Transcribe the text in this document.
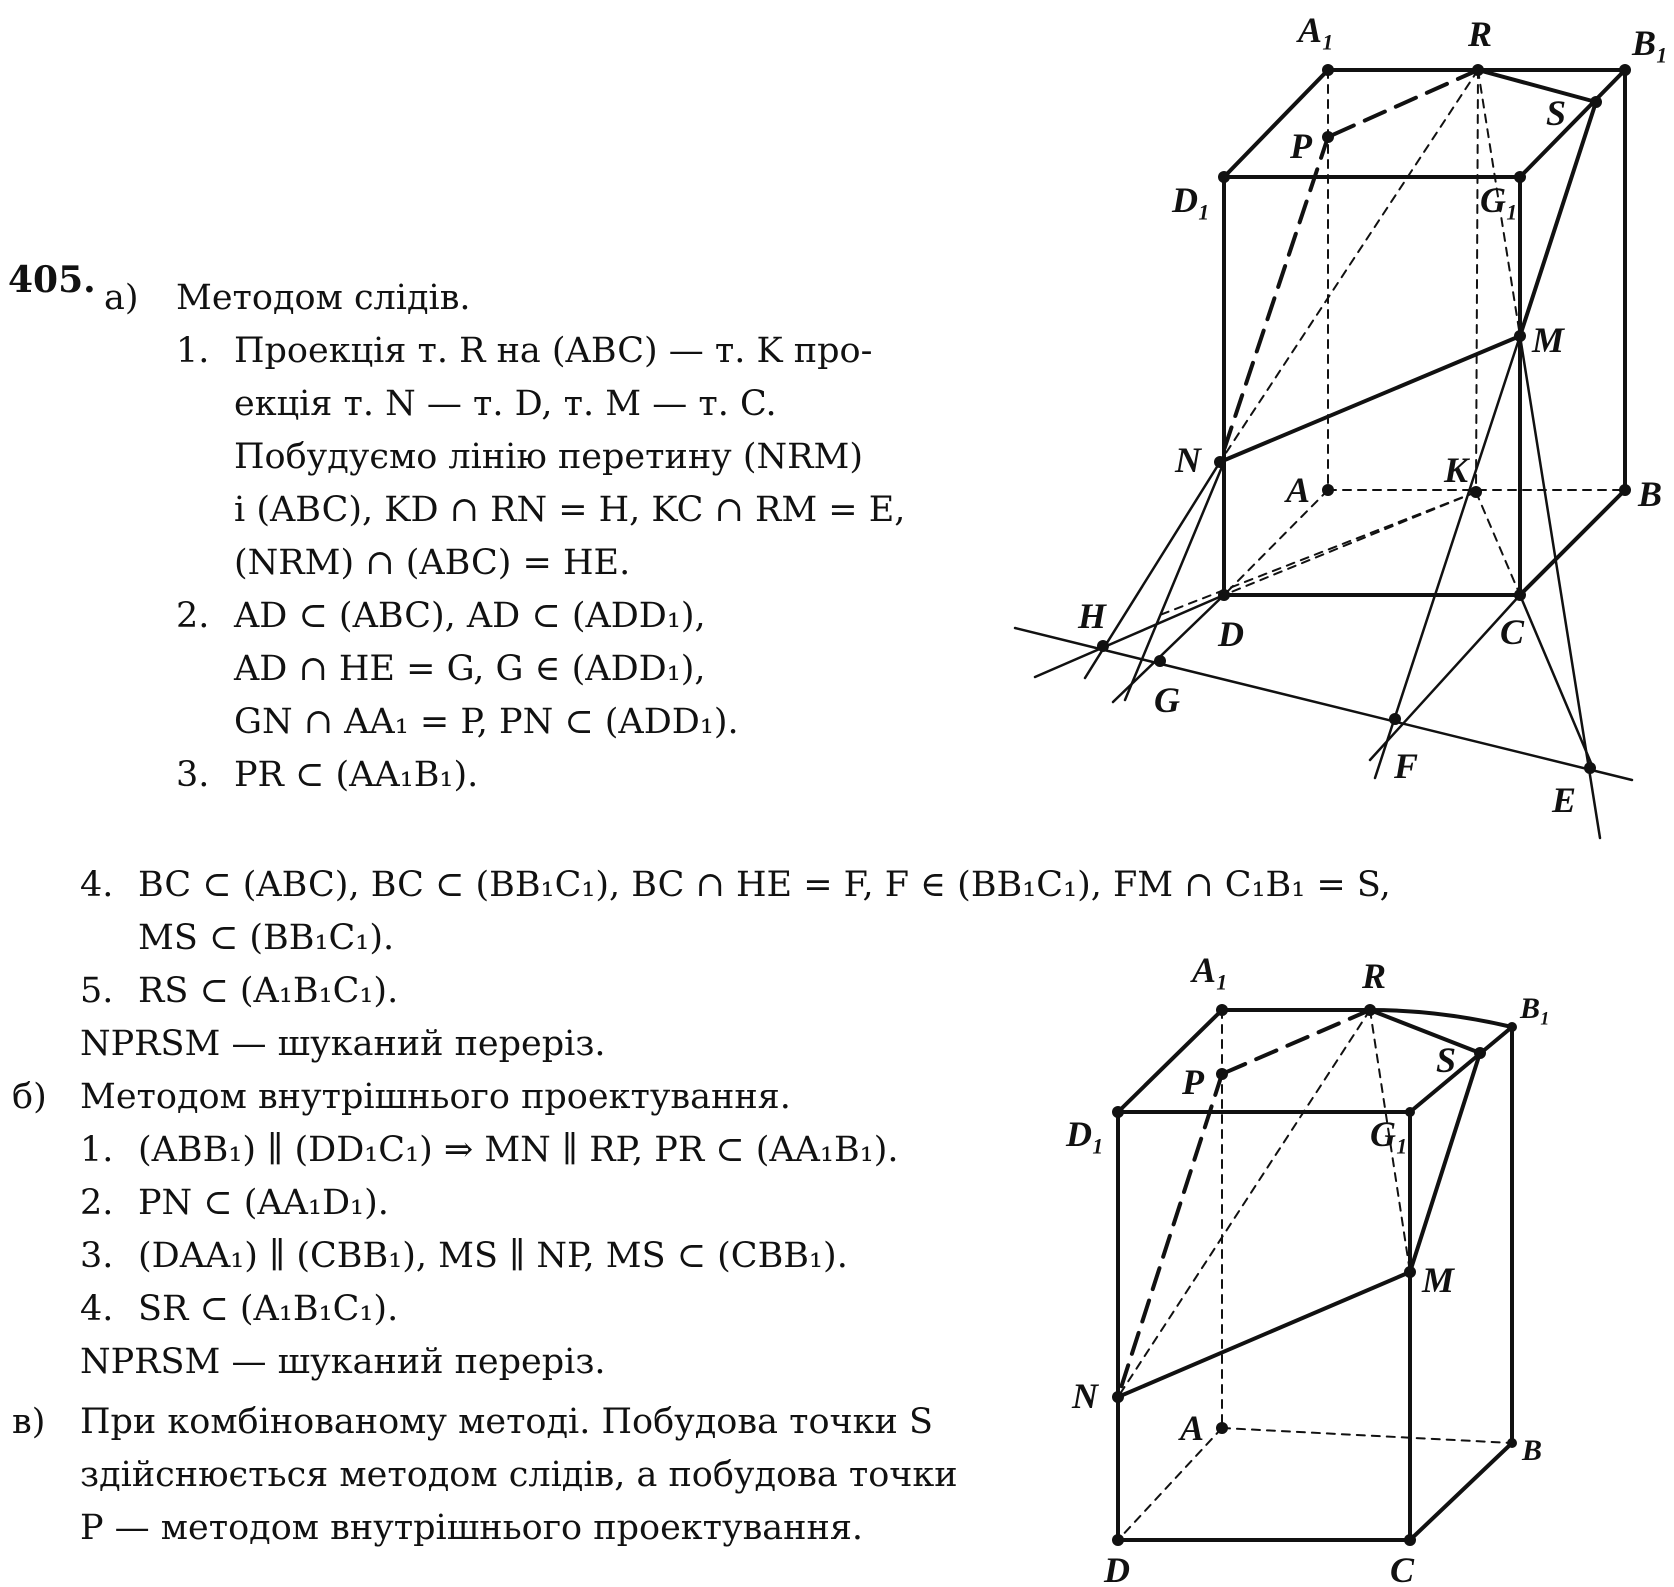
405. а) Методом слідів.
1. Проекція т. R на (ABC) — т. K про-
екція т. N — т. D, т. M — т. C.
Побудуємо лінію перетину (NRM)
і (ABC), KD ∩ RN = H, KC ∩ RM = E,
(NRM) ∩ (ABC) = HE.
2. AD ⊂ (ABC), AD ⊂ (ADD₁),
AD ∩ HE = G, G ∈ (ADD₁),
GN ∩ AA₁ = P, PN ⊂ (ADD₁).
3. PR ⊂ (AA₁B₁).
4. BC ⊂ (ABC), BC ⊂ (BB₁C₁), BC ∩ HE = F, F ∈ (BB₁C₁), FM ∩ C₁B₁ = S,
MS ⊂ (BB₁C₁).
5. RS ⊂ (A₁B₁C₁).
NPRSM — шуканий переріз.
б) Методом внутрішнього проектування.
1. (ABB₁) ∥ (DD₁C₁) ⇒ MN ∥ RP, PR ⊂ (AA₁B₁).
2. PN ⊂ (AA₁D₁).
3. (DAA₁) ∥ (CBB₁), MS ∥ NP, MS ⊂ (CBB₁).
4. SR ⊂ (A₁B₁C₁).
NPRSM — шуканий переріз.
в) При комбінованому методі. Побудова точки S
здійснюється методом слідів, а побудова точки
P — методом внутрішнього проектування.
A₁	R	B₁
S
P
D₁	G₁
M
N
A	K
B
H	D	C
G
F
E
A₁	R
B₁
S
P
D₁	G₁
M
N
A
B
D	C
